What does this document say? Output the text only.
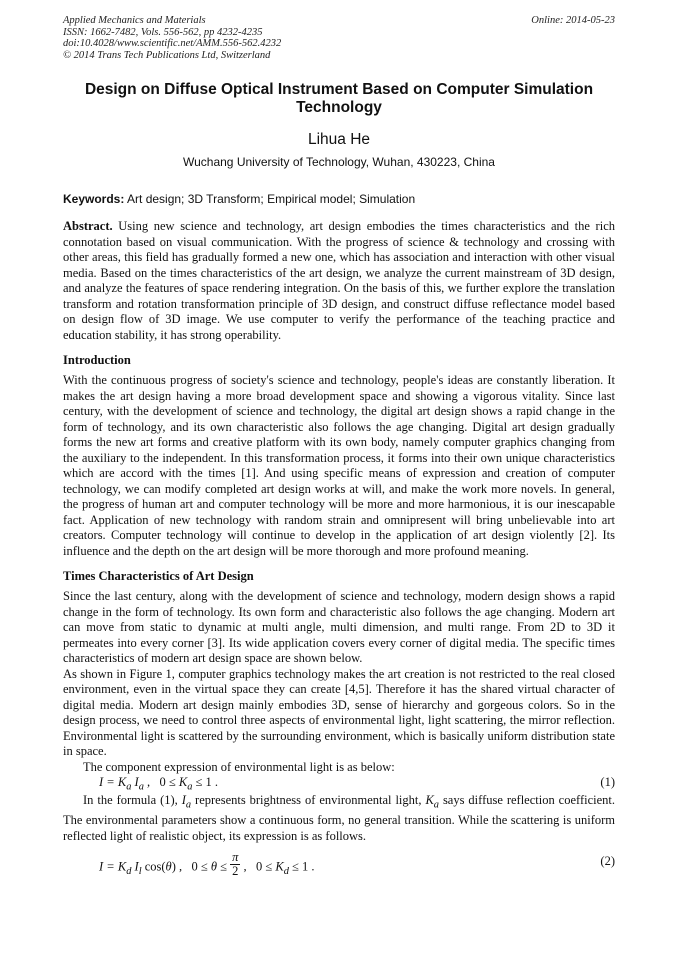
Applied Mechanics and Materials
ISSN: 1662-7482, Vols. 556-562, pp 4232-4235
doi:10.4028/www.scientific.net/AMM.556-562.4232
© 2014 Trans Tech Publications Ltd, Switzerland
Online: 2014-05-23
Design on Diffuse Optical Instrument Based on Computer Simulation Technology
Lihua He
Wuchang University of Technology, Wuhan, 430223, China
Keywords: Art design; 3D Transform; Empirical model; Simulation

Abstract. Using new science and technology, art design embodies the times characteristics and the rich connotation based on visual communication. With the progress of science & technology and crossing with other areas, this field has gradually formed a new one, which has association and interaction with other visual media. Based on the times characteristics of the art design, we analyze the current mainstream of 3D design, and analyze the features of space rendering integration. On the basis of this, we further explore the translation transform and rotation transformation principle of 3D design, and construct diffuse reflectance model based on design flow of 3D image. We use computer to verify the performance of the teaching practice and education stability, it has strong operability.

Introduction

With the continuous progress of society's science and technology, people's ideas are constantly liberation. It makes the art design having a more broad development space and showing a vigorous vitality. Since last century, with the development of science and technology, the digital art design shows a rapid change in the form of technology, and its own characteristic also follows the age changing. Digital art design gradually forms the new art forms and creative platform with its own body, namely computer graphics changing from the auxiliary to the independent. In this transformation process, it forms into their own unique characteristics which are accord with the times [1]. And using specific means of expression and creation of computer technology, we can modify completed art design works at will, and make the work more novels. In general, the progress of human art and computer technology will be more and more harmonious, it is our inescapable fact. Application of new technology with random strain and omnipresent will bring unbelievable into art creators. Computer technology will continue to develop in the application of art design violently [2]. Its influence and the depth on the art design will be more thorough and more profound meaning.

Times Characteristics of Art Design

Since the last century, along with the development of science and technology, modern design shows a rapid change in the form of technology. Its own form and characteristic also follows the age changing. Modern art can move from static to dynamic at multi angle, multi dimension, and multi range. From 2D to 3D it permeates into every corner [3]. Its wide application covers every corner of digital media. The specific times characteristics of modern art design space are shown below.

As shown in Figure 1, computer graphics technology makes the art creation is not restricted to the real closed environment, even in the virtual space they can create [4,5]. Therefore it has the shared virtual character of digital media. Modern art design mainly embodies 3D, sense of hierarchy and gorgeous colors. So in the design process, we need to control three aspects of environmental light, light scattering, the mirror reflection. Environmental light is scattered by the surrounding environment, which is basically uniform distribution state in space.

The component expression of environmental light is as below:

$I = K_a$ $I_a$ ,   $0 \le K_a \le 1$ .	(1)

In the formula (1), $I_a$ represents brightness of environmental light, $K_a$ says diffuse reflection coefficient. The environmental parameters show a continuous form, no general transition. While the scattering is uniform reflected light of realistic object, its expression is as follows.

$I = K_d$ $I_l$ cos(θ) ,   $0 \le \theta \le \frac{\pi}{2}$ ,   $0 \le K_d \le 1$ .	(2)
